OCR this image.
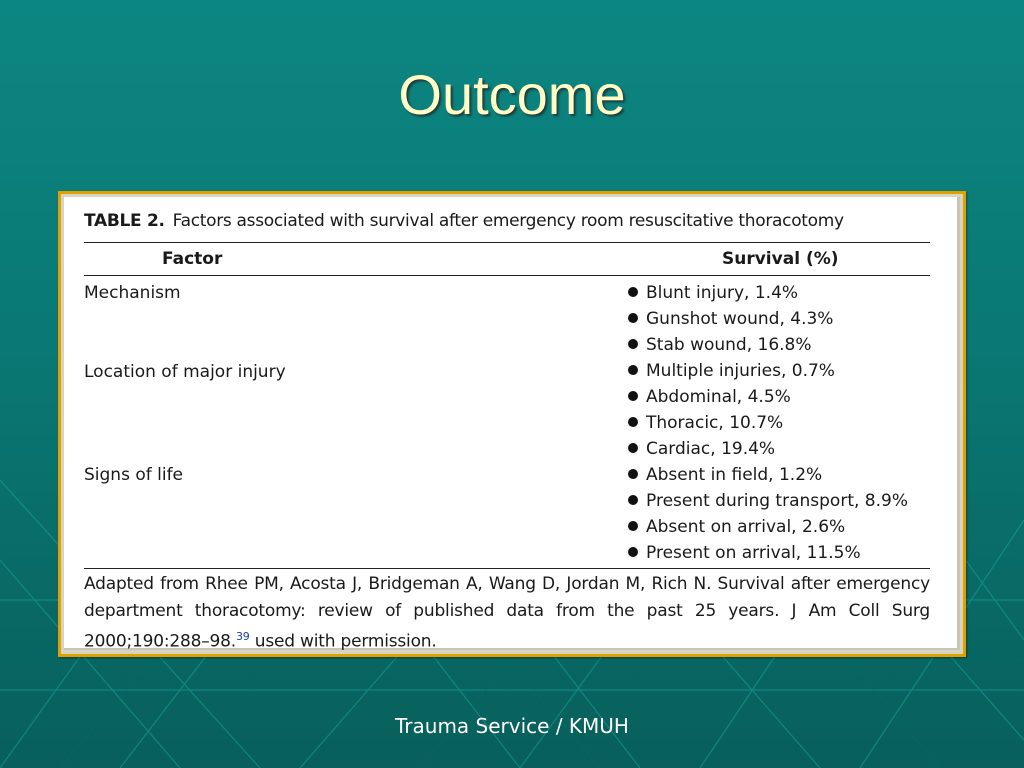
Outcome
TABLE 2. Factors associated with survival after emergency room resuscitative thoracotomy
Factor	Survival (%)
Mechanism
Location of major injury
Signs of life
Blunt injury, 1.4%
Gunshot wound, 4.3%
Stab wound, 16.8%
Multiple injuries, 0.7%
Abdominal, 4.5%
Thoracic, 10.7%
Cardiac, 19.4%
Absent in field, 1.2%
Present during transport, 8.9%
Absent on arrival, 2.6%
Present on arrival, 11.5%
Adapted from Rhee PM, Acosta J, Bridgeman A, Wang D, Jordan M, Rich N. Survival after emergency department thoracotomy: review of published data from the past 25 years. J Am Coll Surg 2000;190:288–98.39 used with permission.
Trauma Service / KMUH
